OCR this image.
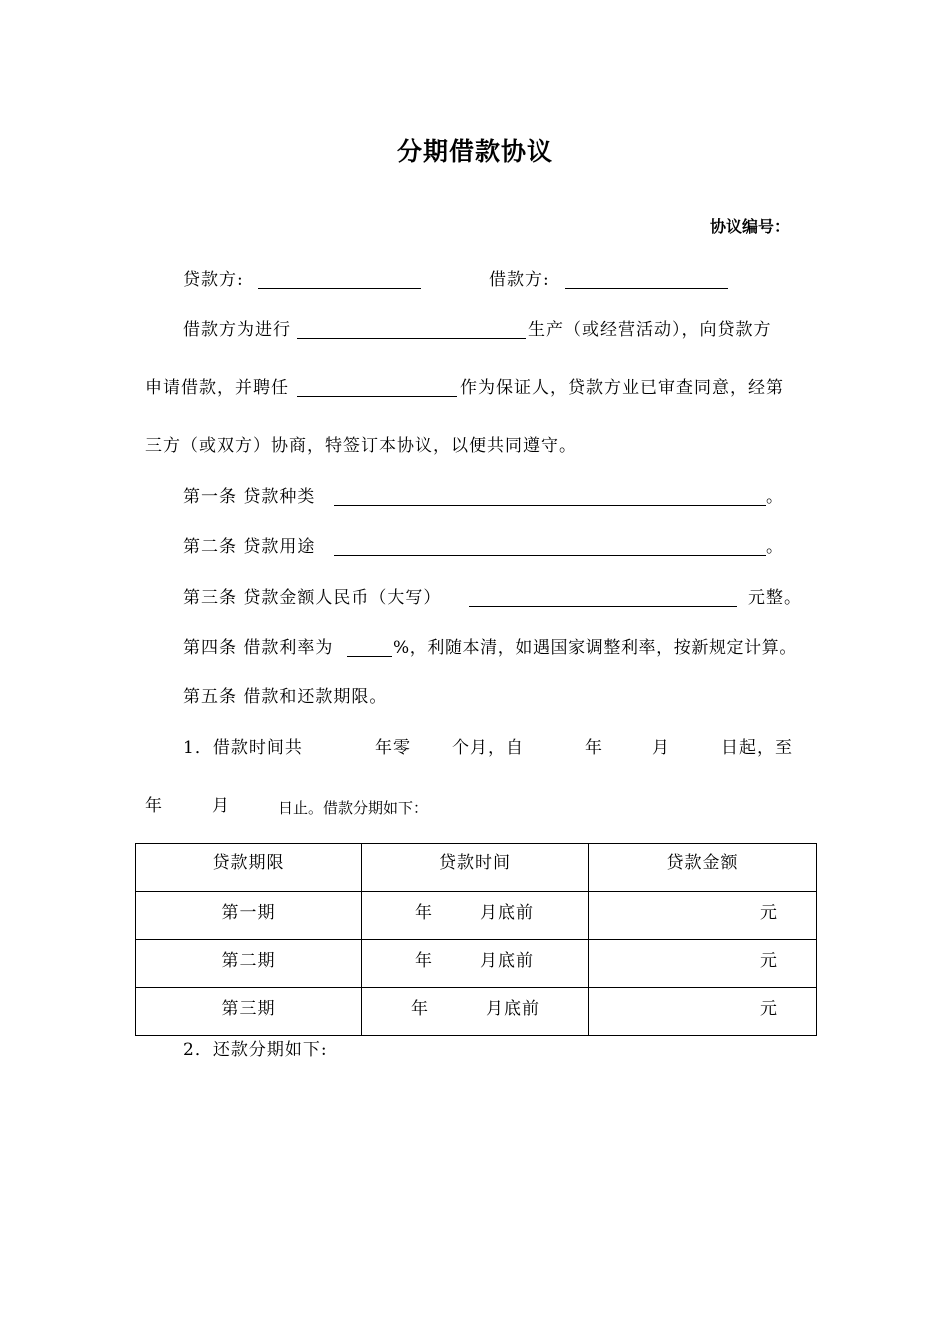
分期借款协议
协议编号：
贷款方:	借款方:
借款方为进行	生产（或经营活动），向贷款方
申请借款，并聘任	作为保证人，贷款方业已审查同意，经第
三方（或双方）协商，特签订本协议，以便共同遵守。
第一条 贷款种类	。
第二条 贷款用途	。
第三条 贷款金额人民币（大写）	元整。
第四条 借款利率为	%，利随本清，如遇国家调整利率，按新规定计算。
第五条 借款和还款期限。
1．借款时间共	年零 个月，自	年	月	日起，至
年	月	日止。借款分期如下：
贷款期限	贷款时间	贷款金额
第一期	年 月底前	元

第二期	年 月底前	元

第三期	年 月底前	元
2．还款分期如下:
